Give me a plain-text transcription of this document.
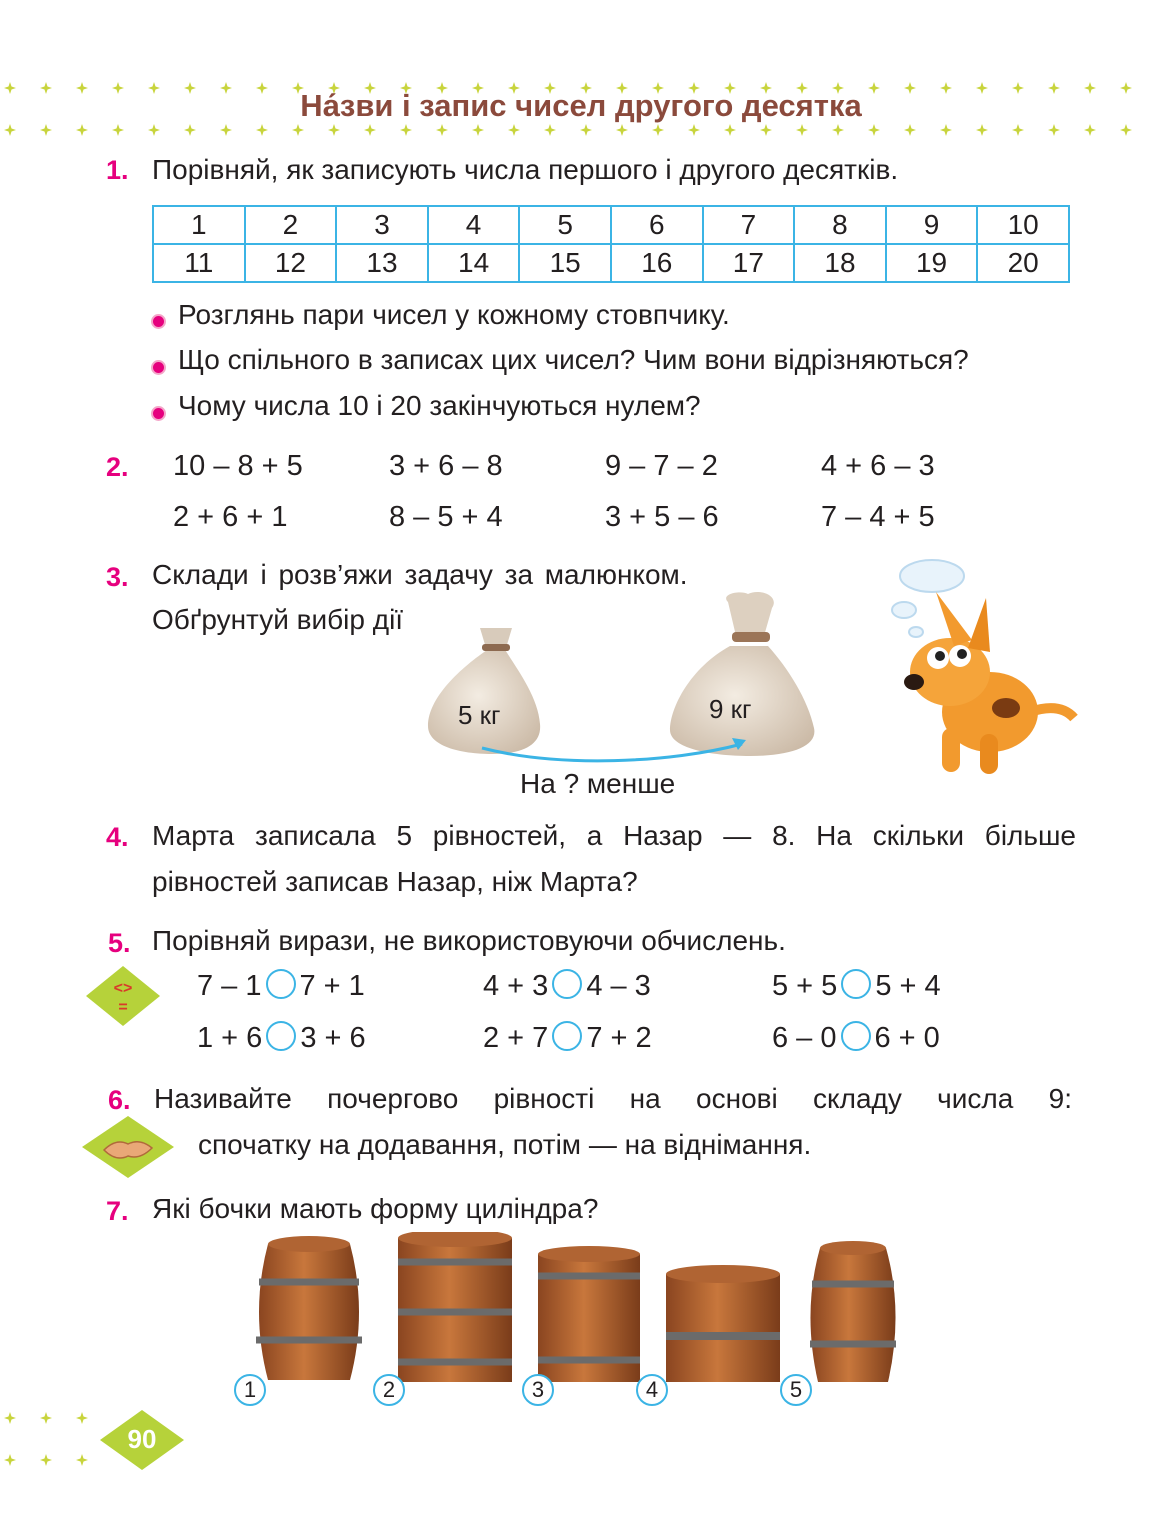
На́зви і запис чисел другого десятка
1. Порівняй, як записують числа першого і другого десятків.
1	2	3	4	5	6	7	8	9	10
11	12	13	14	15	16	17	18	19	20
Розглянь пари чисел у кожному стовпчику.
Що спільного в записах цих чисел? Чим вони відрізняються?
Чому числа 10 і 20 закінчуються нулем?
2. 10 – 8 + 5	3 + 6 – 8	9 – 7 – 2	4 + 6 – 3
2 + 6 + 1	8 – 5 + 4	3 + 5 – 6	7 – 4 + 5
3. Склади і розв’яжи задачу за малюнком.
Обґрунтуй вибір дії
5 кг	9 кг
На ? менше
4. Марта записала 5 рівностей, а Назар — 8. На скільки більше
рівностей записав Назар, ніж Марта?
5. Порівняй вирази, не використовуючи обчислень.
<>
=
7 – 1 7 + 1	4 + 3 4 – 3	5 + 5 5 + 4
1 + 6 3 + 6	2 + 7 7 + 2	6 – 0 6 + 0
6. Називайте почергово рівності на основі складу числа 9:
спочатку на додавання, потім — на віднімання.
7. Які бочки мають форму циліндра?
1	2	3	4	5
90
